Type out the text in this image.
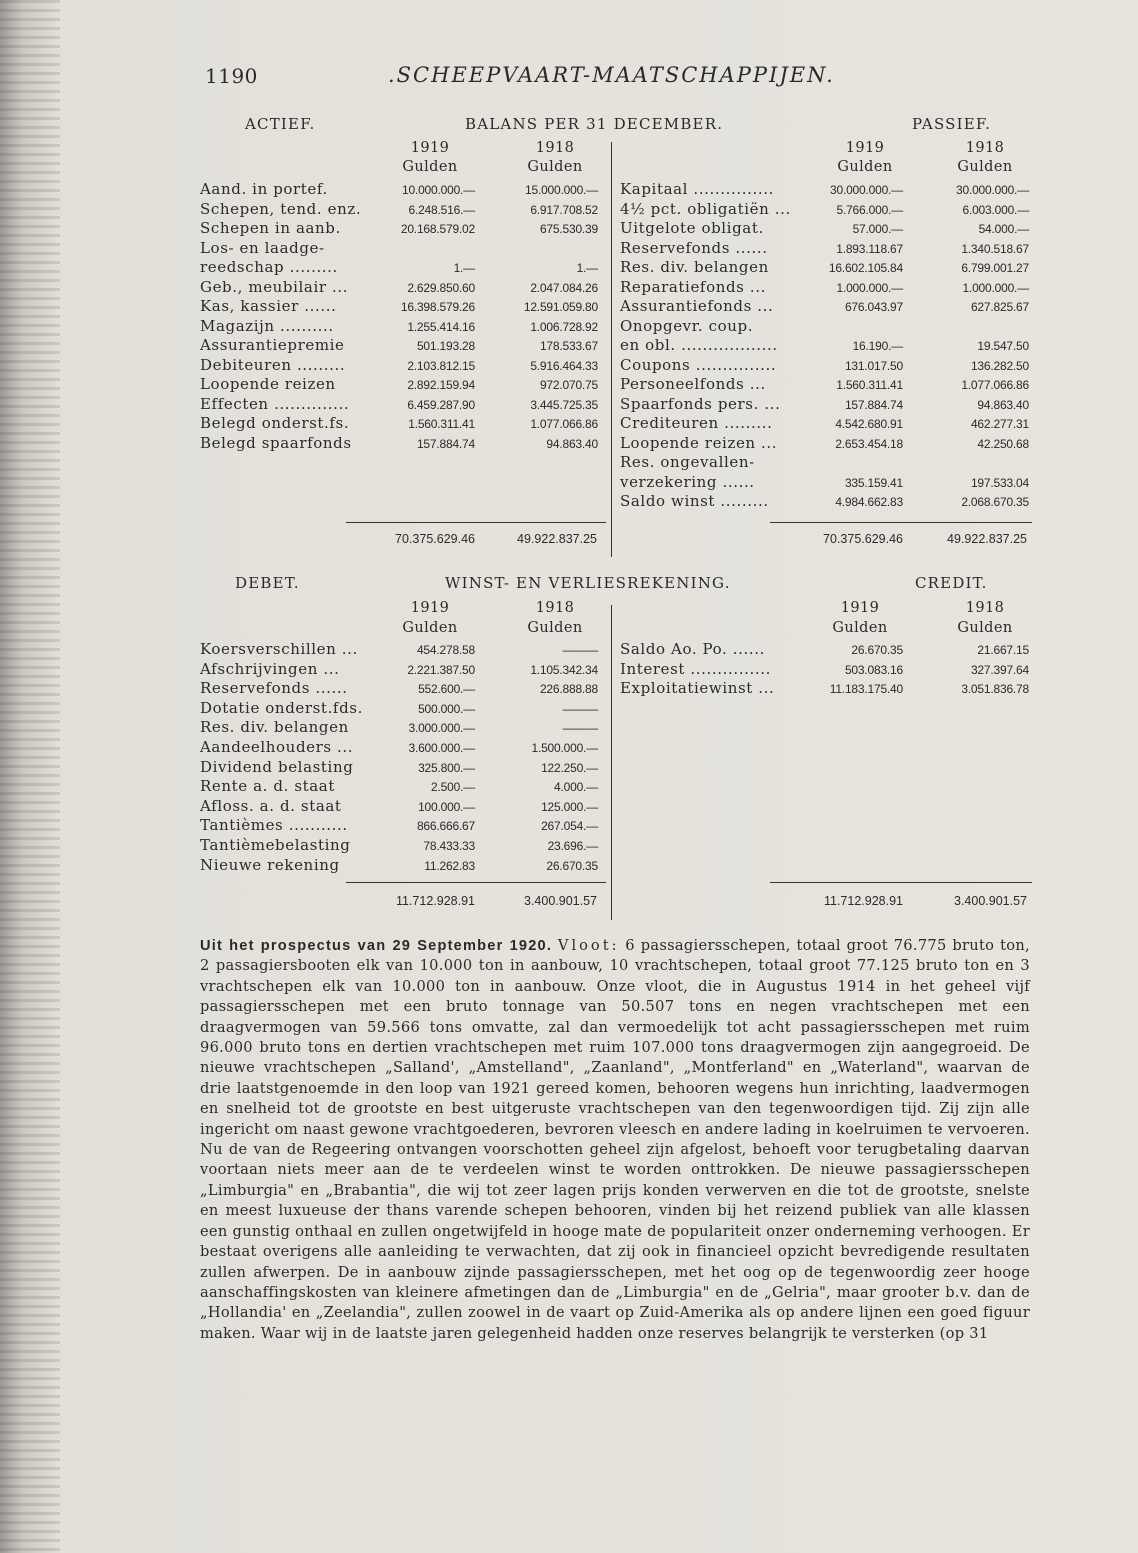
1190	.SCHEEPVAART-MAATSCHAPPIJEN.
ACTIEF.	BALANS PER 31 DECEMBER.	PASSIEF.
1919	1918
Gulden	Gulden
1919	1918
Gulden	Gulden
Aand. in portef.	10.000.000.—	15.000.000.—
Schepen, tend. enz.	6.248.516.—	6.917.708.52
Schepen in aanb.	20.168.579.02	675.530.39
Los- en laadge-
reedschap .........	1.—	1.—
Geb., meubilair ...	2.629.850.60	2.047.084.26
Kas, kassier ......	16.398.579.26	12.591.059.80
Magazijn ..........	1.255.414.16	1.006.728.92
Assurantiepremie	501.193.28	178.533.67
Debiteuren .........	2.103.812.15	5.916.464.33
Loopende reizen	2.892.159.94	972.070.75
Effecten ..............	6.459.287.90	3.445.725.35
Belegd onderst.fs.	1.560.311.41	1.077.066.86
Belegd spaarfonds	157.884.74	94.863.40
Kapitaal ...............	30.000.000.—	30.000.000.—
4½ pct. obligatiën ...	5.766.000.—	6.003.000.—
Uitgelote obligat.	57.000.—	54.000.—
Reservefonds ......	1.893.118.67	1.340.518.67
Res. div. belangen	16.602.105.84	6.799.001.27
Reparatiefonds ...	1.000.000.—	1.000.000.—
Assurantiefonds ...	676.043.97	627.825.67
Onopgevr. coup.
en obl. ..................	16.190.—	19.547.50
Coupons ...............	131.017.50	136.282.50
Personeelfonds ...	1.560.311.41	1.077.066.86
Spaarfonds pers. ...	157.884.74	94.863.40
Crediteuren .........	4.542.680.91	462.277.31
Loopende reizen ...	2.653.454.18	42.250.68
Res. ongevallen-
verzekering ......	335.159.41	197.533.04
Saldo winst .........	4.984.662.83	2.068.670.35
70.375.629.46	49.922.837.25	70.375.629.46	49.922.837.25
DEBET.	WINST- EN VERLIESREKENING.	CREDIT.
1919	1918
Gulden	Gulden
1919	1918
Gulden	Gulden
Koersverschillen ...	454.278.58	———
Afschrijvingen ...	2.221.387.50	1.105.342.34
Reservefonds ......	552.600.—	226.888.88
Dotatie onderst.fds.	500.000.—	———
Res. div. belangen	3.000.000.—	———
Aandeelhouders ...	3.600.000.—	1.500.000.—
Dividend belasting	325.800.—	122.250.—
Rente a. d. staat	2.500.—	4.000.—
Afloss. a. d. staat	100.000.—	125.000.—
Tantièmes ...........	866.666.67	267.054.—
Tantièmebelasting	78.433.33	23.696.—
Nieuwe rekening	11.262.83	26.670.35
Saldo Ao. Po. ......	26.670.35	21.667.15
Interest ...............	503.083.16	327.397.64
Exploitatiewinst ...	11.183.175.40	3.051.836.78
11.712.928.91	3.400.901.57	11.712.928.91	3.400.901.57
Uit het prospectus van 29 September 1920. Vloot: 6 passagiersschepen, totaal groot 76.775 bruto ton, 2 passagiersbooten elk van 10.000 ton in aanbouw, 10 vrachtschepen, totaal groot 77.125 bruto ton en 3 vrachtschepen elk van 10.000 ton in aanbouw. Onze vloot, die in Augustus 1914 in het geheel vijf passagiersschepen met een bruto tonnage van 50.507 tons en negen vrachtschepen met een draagvermogen van 59.566 tons omvatte, zal dan vermoedelijk tot acht passagiersschepen met ruim 96.000 bruto tons en dertien vrachtschepen met ruim 107.000 tons draagvermogen zijn aangegroeid. De nieuwe vrachtschepen „Salland', „Amstelland", „Zaanland", „Montferland" en „Waterland", waarvan de drie laatstgenoemde in den loop van 1921 gereed komen, behooren wegens hun inrichting, laadvermogen en snelheid tot de grootste en best uitgeruste vrachtschepen van den tegenwoordigen tijd. Zij zijn alle ingericht om naast gewone vrachtgoederen, bevroren vleesch en andere lading in koelruimen te vervoeren. Nu de van de Regeering ontvangen voorschotten geheel zijn afgelost, behoeft voor terugbetaling daarvan voortaan niets meer aan de te verdeelen winst te worden onttrokken. De nieuwe passagiersschepen „Limburgia" en „Brabantia", die wij tot zeer lagen prijs konden verwerven en die tot de grootste, snelste en meest luxueuse der thans varende schepen behooren, vinden bij het reizend publiek van alle klassen een gunstig onthaal en zullen ongetwijfeld in hooge mate de populariteit onzer onderneming verhoogen. Er bestaat overigens alle aanleiding te verwachten, dat zij ook in financieel opzicht bevredigende resultaten zullen afwerpen. De in aanbouw zijnde passagiersschepen, met het oog op de tegenwoordig zeer hooge aanschaffingskosten van kleinere afmetingen dan de „Limburgia" en de „Gelria", maar grooter b.v. dan de „Hollandia' en „Zeelandia", zullen zoowel in de vaart op Zuid-Amerika als op andere lijnen een goed figuur maken. Waar wij in de laatste jaren gelegenheid hadden onze reserves belangrijk te versterken (op 31
